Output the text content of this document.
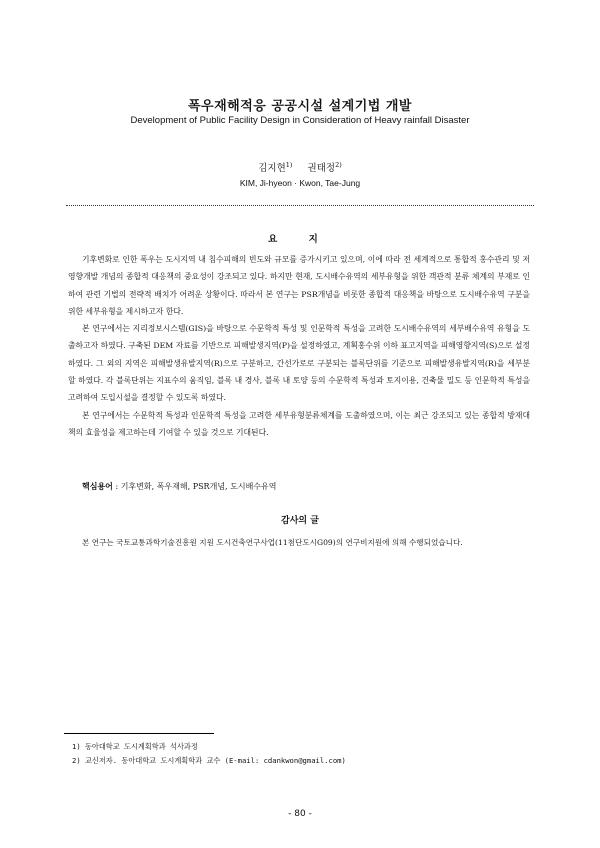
폭우재해적응 공공시설 설계기법 개발
Development of Public Facility Design in Consideration of Heavy rainfall Disaster
김지현$^{1)}$ 권태정$^{2)}$
KIM, Ji-hyeon · Kwon, Tae-Jung
요 지

기후변화로 인한 폭우는 도시지역 내 침수피해의 빈도와 규모를 증가시키고 있으며, 이에 따라 전 세계적으로 통합적 홍수관리 및 저영향개발 개념의 종합적 대응책의 중요성이 강조되고 있다. 하지만 현재, 도시배수유역의 세부유형을 위한 객관적 분류 체계의 부재로 인하여 관련 기법의 전략적 배치가 어려운 상황이다. 따라서 본 연구는 PSR개념을 비롯한 종합적 대응책을 바탕으로 도시배수유역 구분을 위한 세부유형을 제시하고자 한다.

본 연구에서는 지리정보시스템(GIS)을 바탕으로 수문학적 특성 및 인문학적 특성을 고려한 도시배수유역의 세부배수유역 유형을 도출하고자 하였다. 구축된 DEM 자료를 기반으로 피해발생지역(P)을 설정하였고, 계획홍수위 이하 표고지역을 피해영향지역(S)으로 설정하였다. 그 외의 지역은 피해발생유발지역(R)으로 구분하고, 간선가로로 구분되는 블록단위를 기준으로 피해발생유발지역(R)을 세부분할 하였다. 각 블록단위는 지표수의 움직임, 블록 내 경사, 블록 내 토양 등의 수문학적 특성과 토지이용, 건축물 밀도 등 인문학적 특성을 고려하여 도입시설을 결정할 수 있도록 하였다.

본 연구에서는 수문학적 특성과 인문학적 특성을 고려한 세부유형분류체계를 도출하였으며, 이는 최근 강조되고 있는 종합적 방재대책의 효율성을 제고하는데 기여할 수 있을 것으로 기대된다.

핵심용어 : 기후변화, 폭우재해, PSR개념, 도시배수유역
감사의 글

본 연구는 국토교통과학기술진흥원 지원 도시건축연구사업(11첨단도시G09)의 연구비지원에 의해 수행되었습니다.

1) 동아대학교 도시계획학과 석사과정
2) 교신저자. 동아대학교 도시계획학과 교수 (E-mail: cdankwon@gmail.com)
- 80 -
